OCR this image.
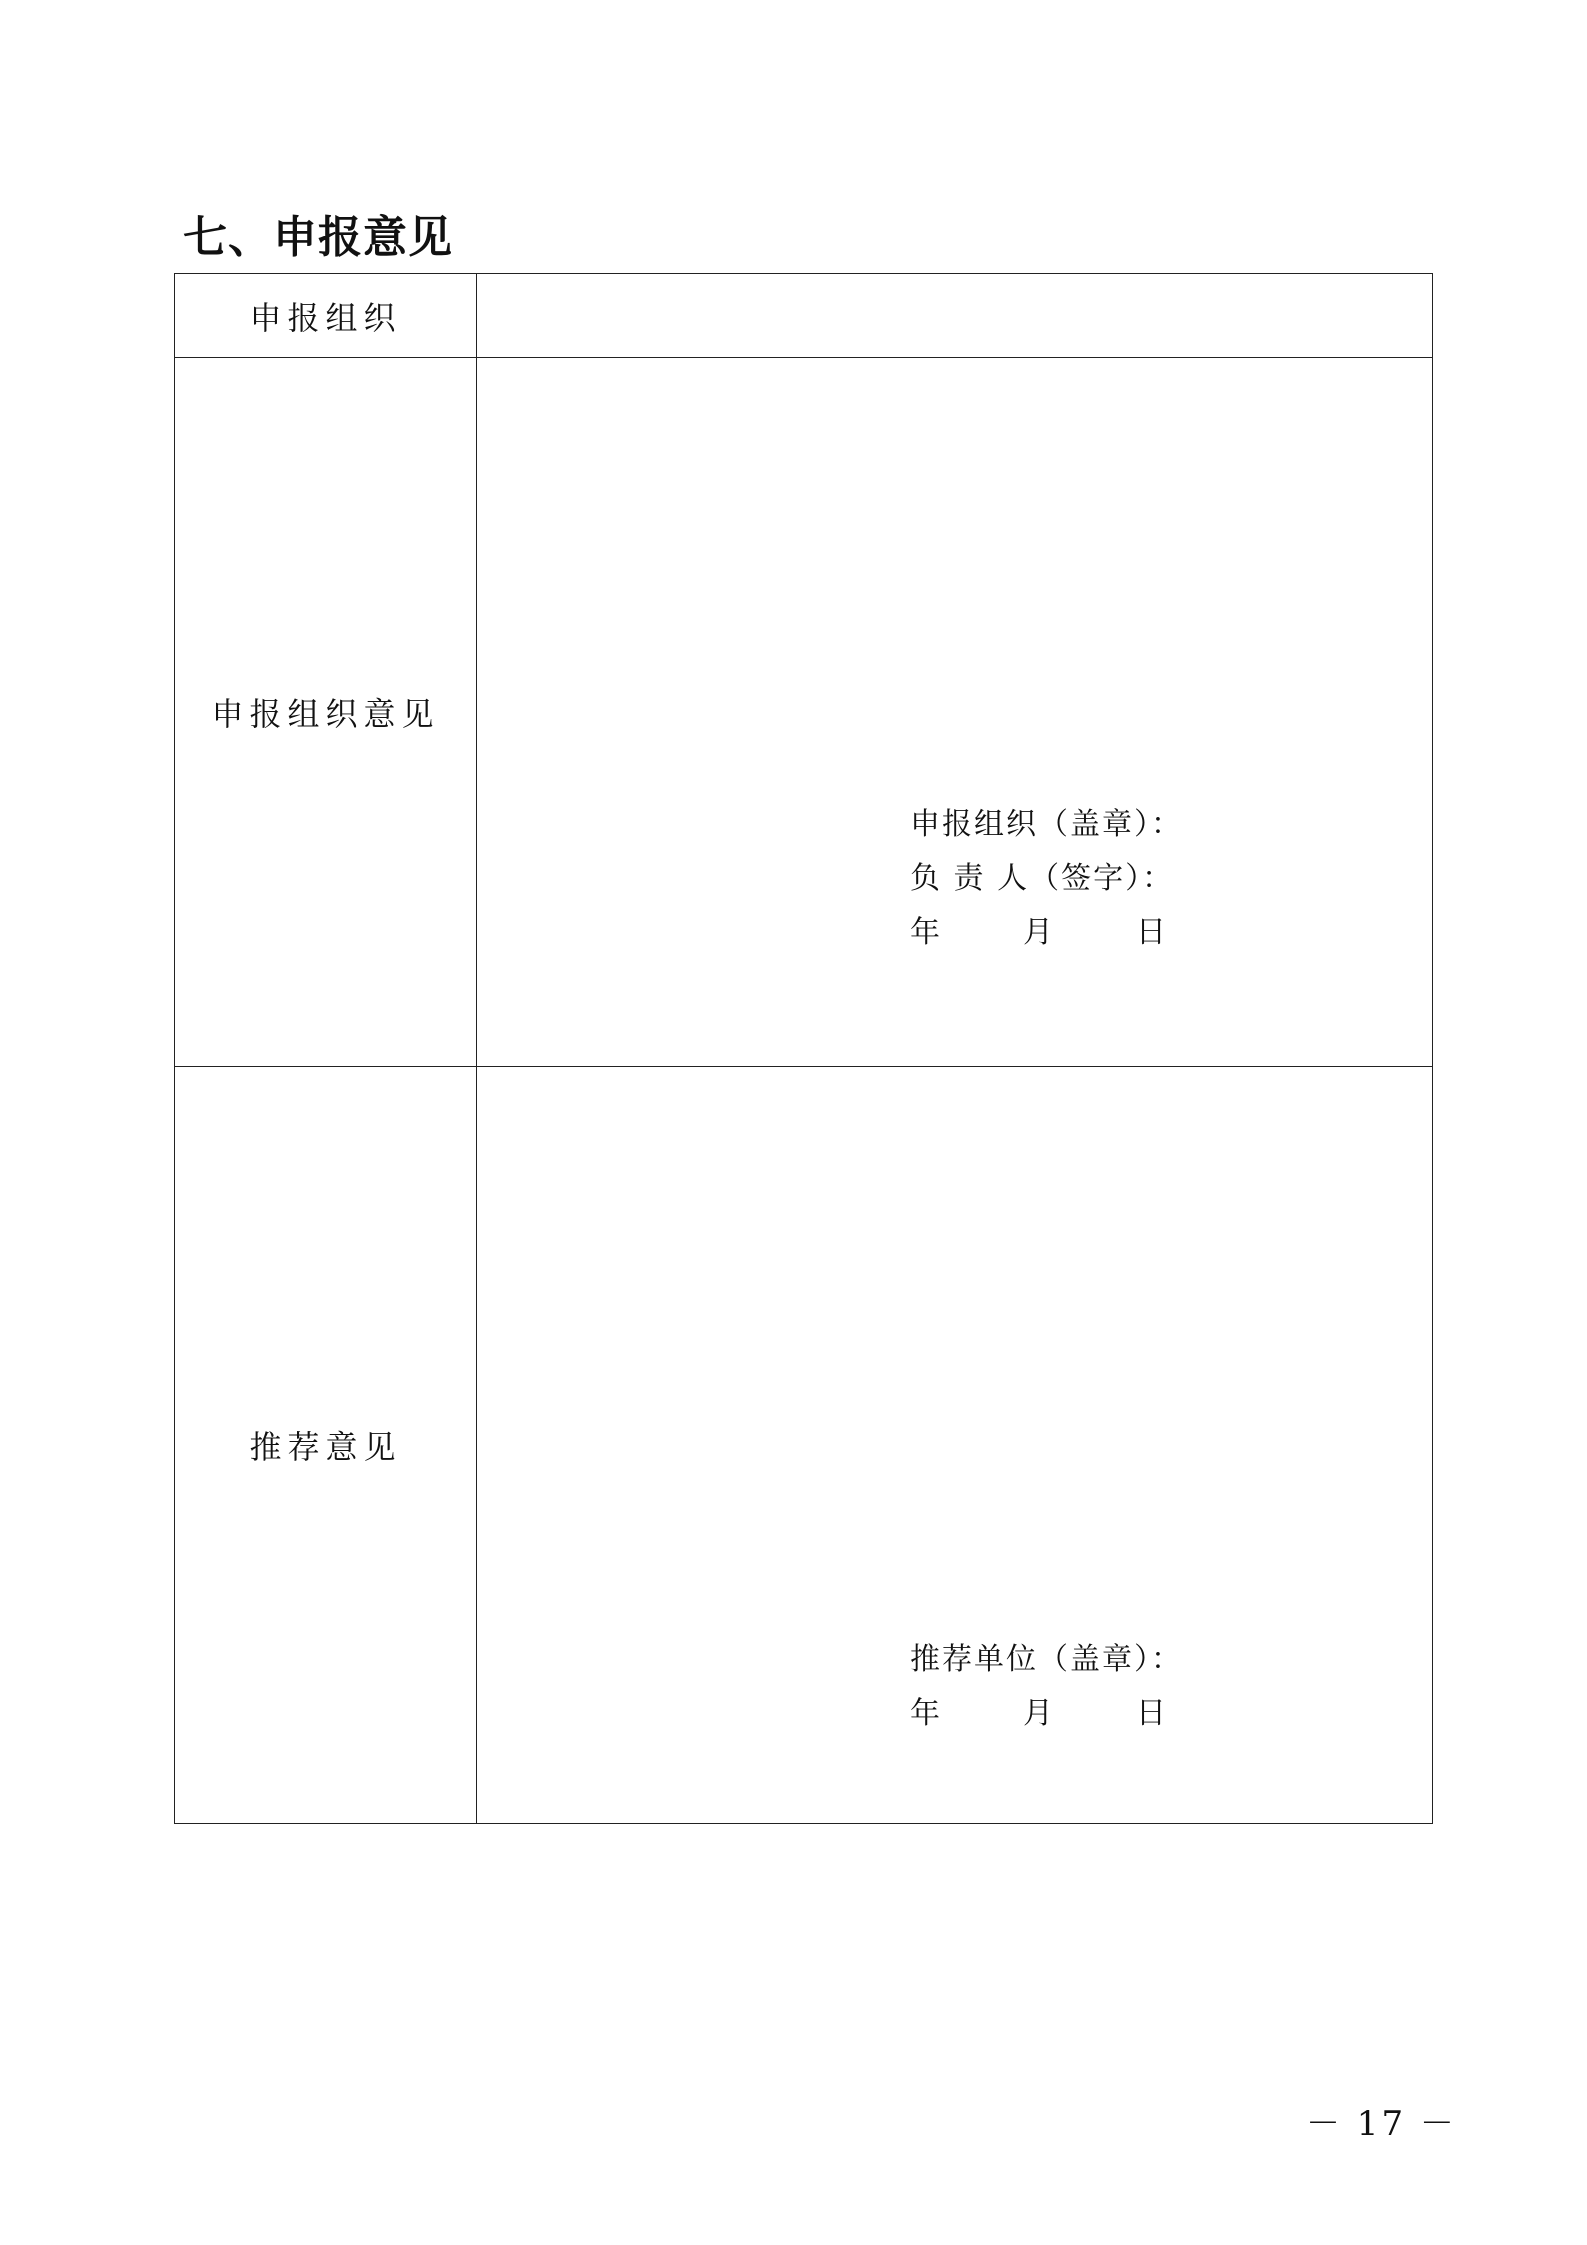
七、申报意见
申报组织	
申报组织意见	申报组织（盖章）：
负 责 人（签字）：
年 月 日

推荐意见	推荐单位（盖章）：
年 月 日
－ 17 －
